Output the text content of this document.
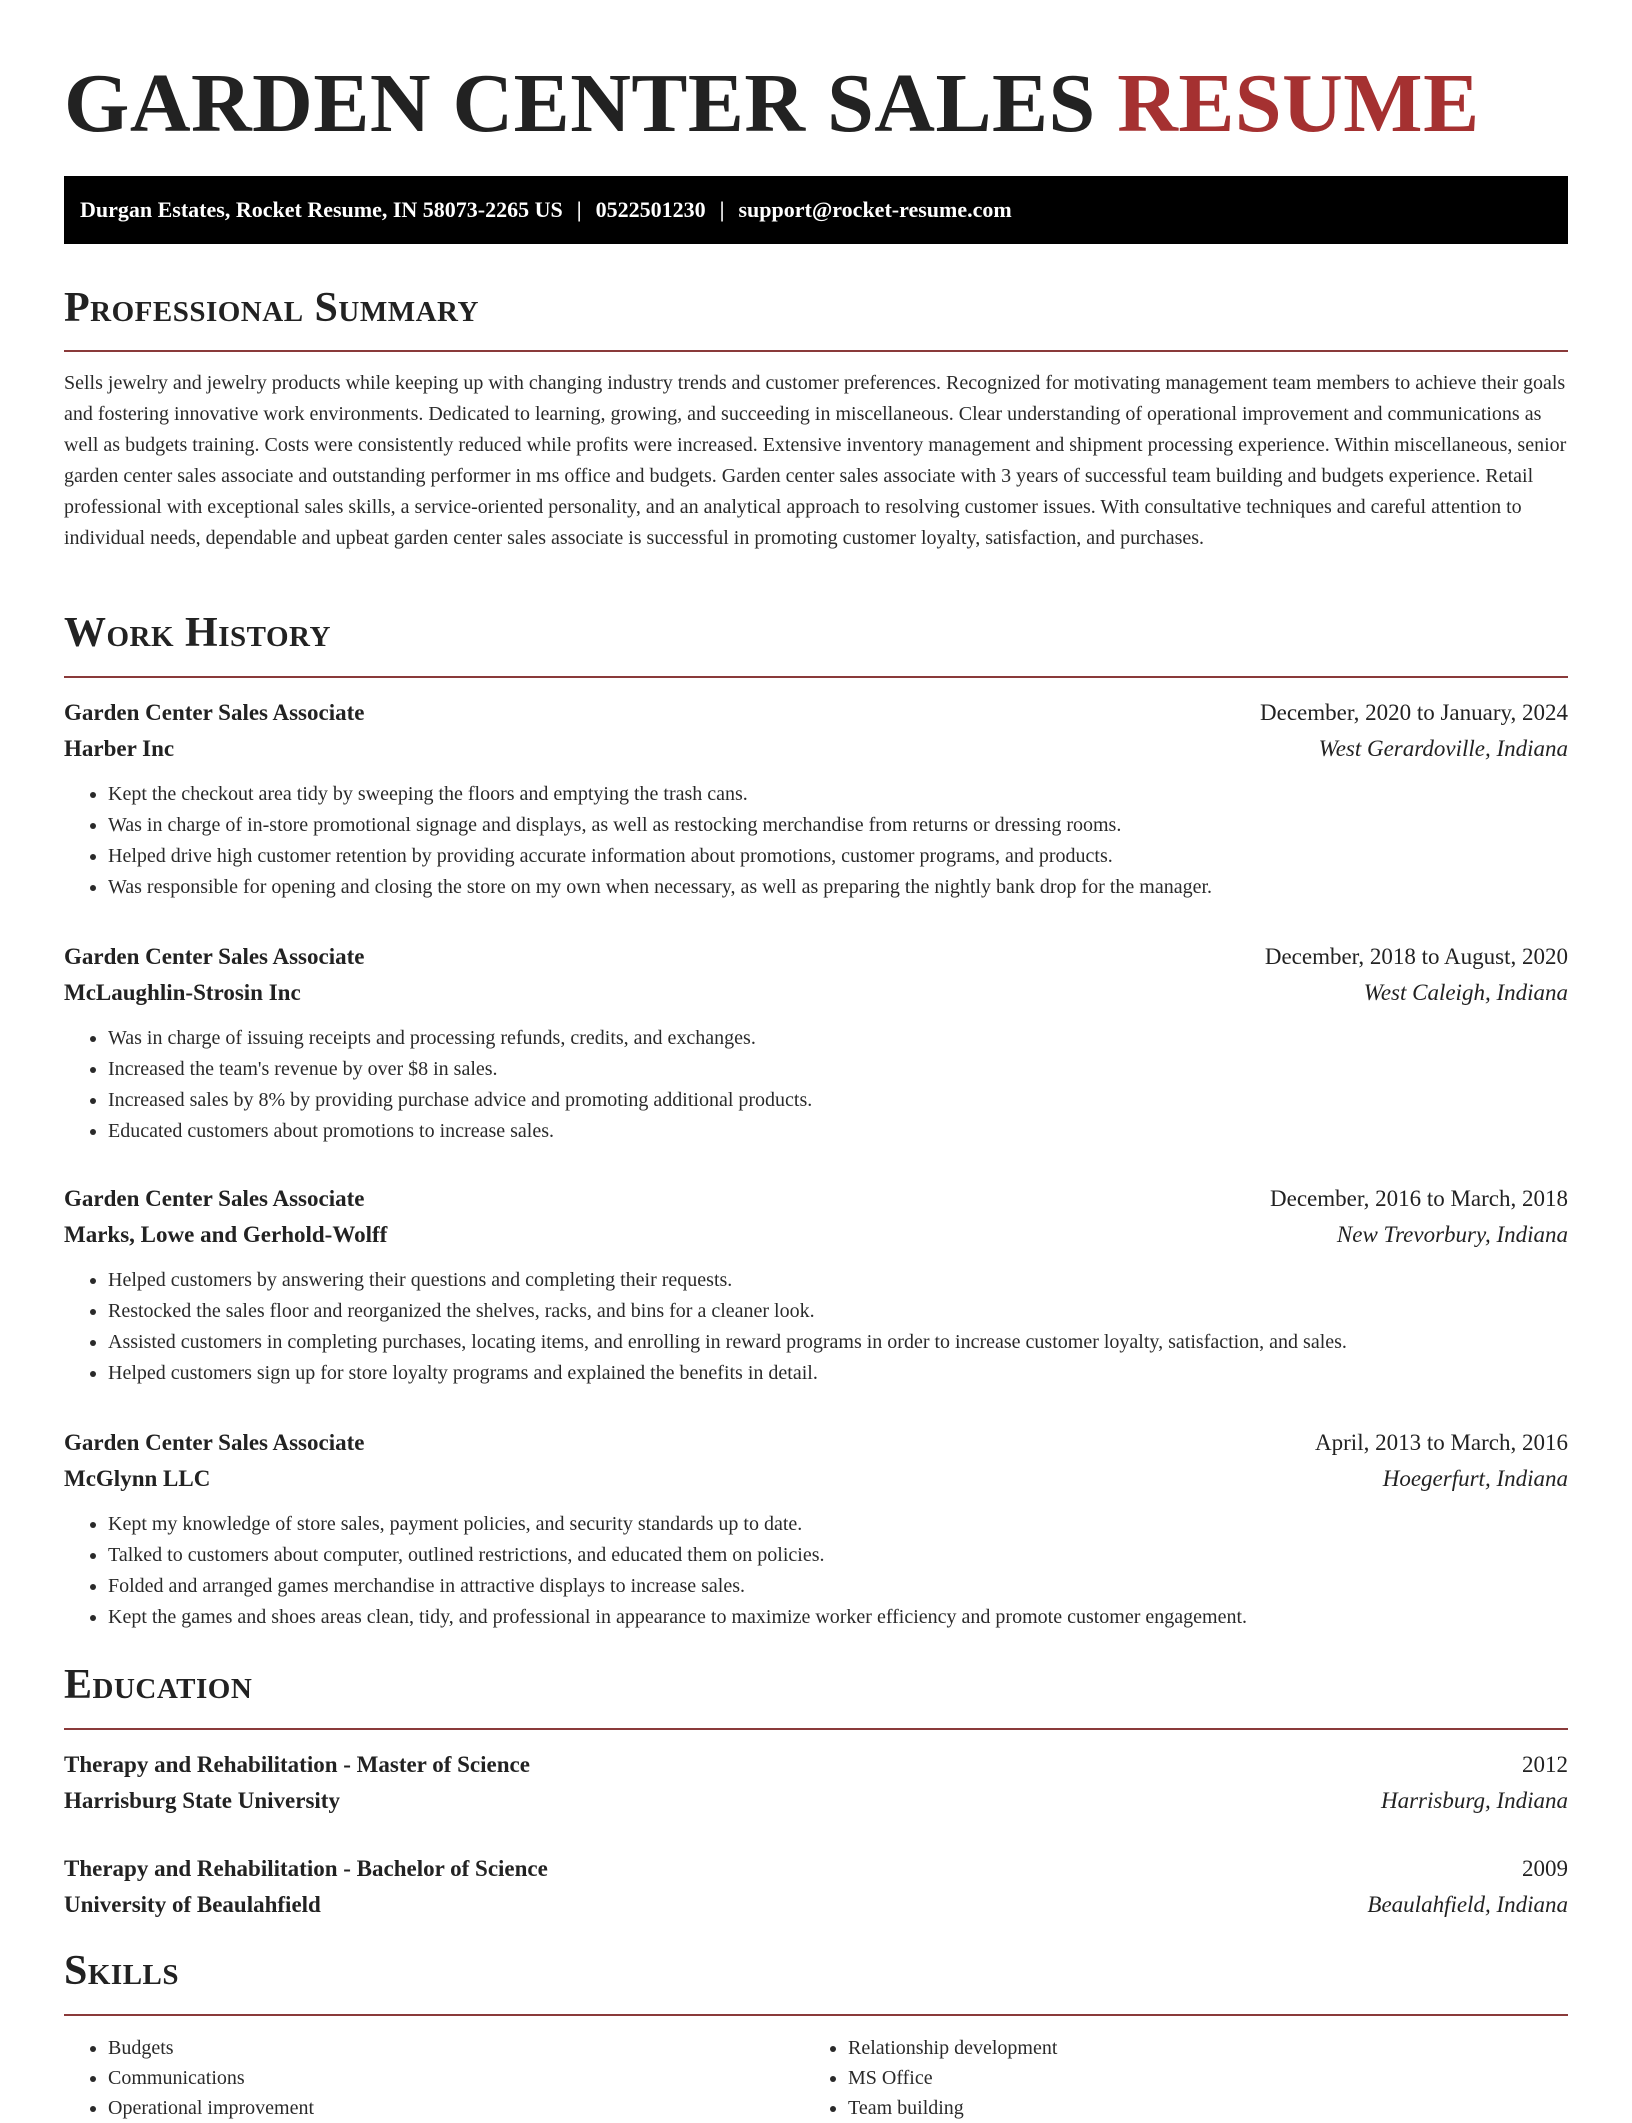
GARDEN CENTER SALES RESUME
Durgan Estates, Rocket Resume, IN 58073-2265 US | 0522501230 | support@rocket-resume.com
Professional Summary

Sells jewelry and jewelry products while keeping up with changing industry trends and customer preferences. Recognized for motivating management team members to achieve their goals and fostering innovative work environments. Dedicated to learning, growing, and succeeding in miscellaneous. Clear understanding of operational improvement and communications as well as budgets training. Costs were consistently reduced while profits were increased. Extensive inventory management and shipment processing experience. Within miscellaneous, senior garden center sales associate and outstanding performer in ms office and budgets. Garden center sales associate with 3 years of successful team building and budgets experience. Retail professional with exceptional sales skills, a service-oriented personality, and an analytical approach to resolving customer issues. With consultative techniques and careful attention to individual needs, dependable and upbeat garden center sales associate is successful in promoting customer loyalty, satisfaction, and purchases.

Work History
Garden Center Sales Associate	December, 2020 to January, 2024
Harber Inc	West Gerardoville, Indiana
• Kept the checkout area tidy by sweeping the floors and emptying the trash cans.
• Was in charge of in-store promotional signage and displays, as well as restocking merchandise from returns or dressing rooms.
• Helped drive high customer retention by providing accurate information about promotions, customer programs, and products.
• Was responsible for opening and closing the store on my own when necessary, as well as preparing the nightly bank drop for the manager.
Garden Center Sales Associate	December, 2018 to August, 2020
McLaughlin-Strosin Inc	West Caleigh, Indiana
• Was in charge of issuing receipts and processing refunds, credits, and exchanges.
• Increased the team's revenue by over $8 in sales.
• Increased sales by 8% by providing purchase advice and promoting additional products.
• Educated customers about promotions to increase sales.
Garden Center Sales Associate	December, 2016 to March, 2018
Marks, Lowe and Gerhold-Wolff	New Trevorbury, Indiana
• Helped customers by answering their questions and completing their requests.
• Restocked the sales floor and reorganized the shelves, racks, and bins for a cleaner look.
• Assisted customers in completing purchases, locating items, and enrolling in reward programs in order to increase customer loyalty, satisfaction, and sales.
• Helped customers sign up for store loyalty programs and explained the benefits in detail.
Garden Center Sales Associate	April, 2013 to March, 2016
McGlynn LLC	Hoegerfurt, Indiana
• Kept my knowledge of store sales, payment policies, and security standards up to date.
• Talked to customers about computer, outlined restrictions, and educated them on policies.
• Folded and arranged games merchandise in attractive displays to increase sales.
• Kept the games and shoes areas clean, tidy, and professional in appearance to maximize worker efficiency and promote customer engagement.
Education
Therapy and Rehabilitation - Master of Science	2012
Harrisburg State University	Harrisburg, Indiana
Therapy and Rehabilitation - Bachelor of Science	2009
University of Beaulahfield	Beaulahfield, Indiana
Skills
• Budgets
• Communications
• Operational improvement
• Relationship development
• MS Office
• Team building
